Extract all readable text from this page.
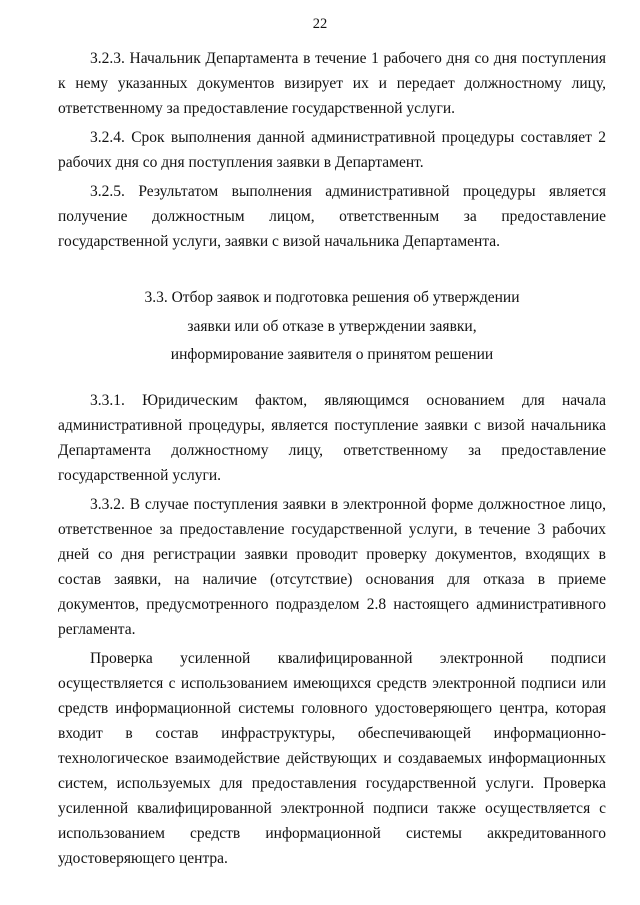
22

3.2.3. Начальник Департамента в течение 1 рабочего дня со дня поступления к нему указанных документов визирует их и передает должностному лицу, ответственному за предоставление государственной услуги.

3.2.4. Срок выполнения данной административной процедуры составляет 2 рабочих дня со дня поступления заявки в Департамент.

3.2.5. Результатом выполнения административной процедуры является получение должностным лицом, ответственным за предоставление государственной услуги, заявки с визой начальника Департамента.

3.3. Отбор заявок и подготовка решения об утверждении
заявки или об отказе в утверждении заявки,
информирование заявителя о принятом решении

3.3.1. Юридическим фактом, являющимся основанием для начала административной процедуры, является поступление заявки с визой начальника Департамента должностному лицу, ответственному за предоставление государственной услуги.

3.3.2. В случае поступления заявки в электронной форме должностное лицо, ответственное за предоставление государственной услуги, в течение 3 рабочих дней со дня регистрации заявки проводит проверку документов, входящих в состав заявки, на наличие (отсутствие) основания для отказа в приеме документов, предусмотренного подразделом 2.8 настоящего административного регламента.

Проверка усиленной квалифицированной электронной подписи осуществляется с использованием имеющихся средств электронной подписи или средств информационной системы головного удостоверяющего центра, которая входит в состав инфраструктуры, обеспечивающей информационно-технологическое взаимодействие действующих и создаваемых информационных систем, используемых для предоставления государственной услуги. Проверка усиленной квалифицированной электронной подписи также осуществляется с использованием средств информационной системы аккредитованного удостоверяющего центра.
